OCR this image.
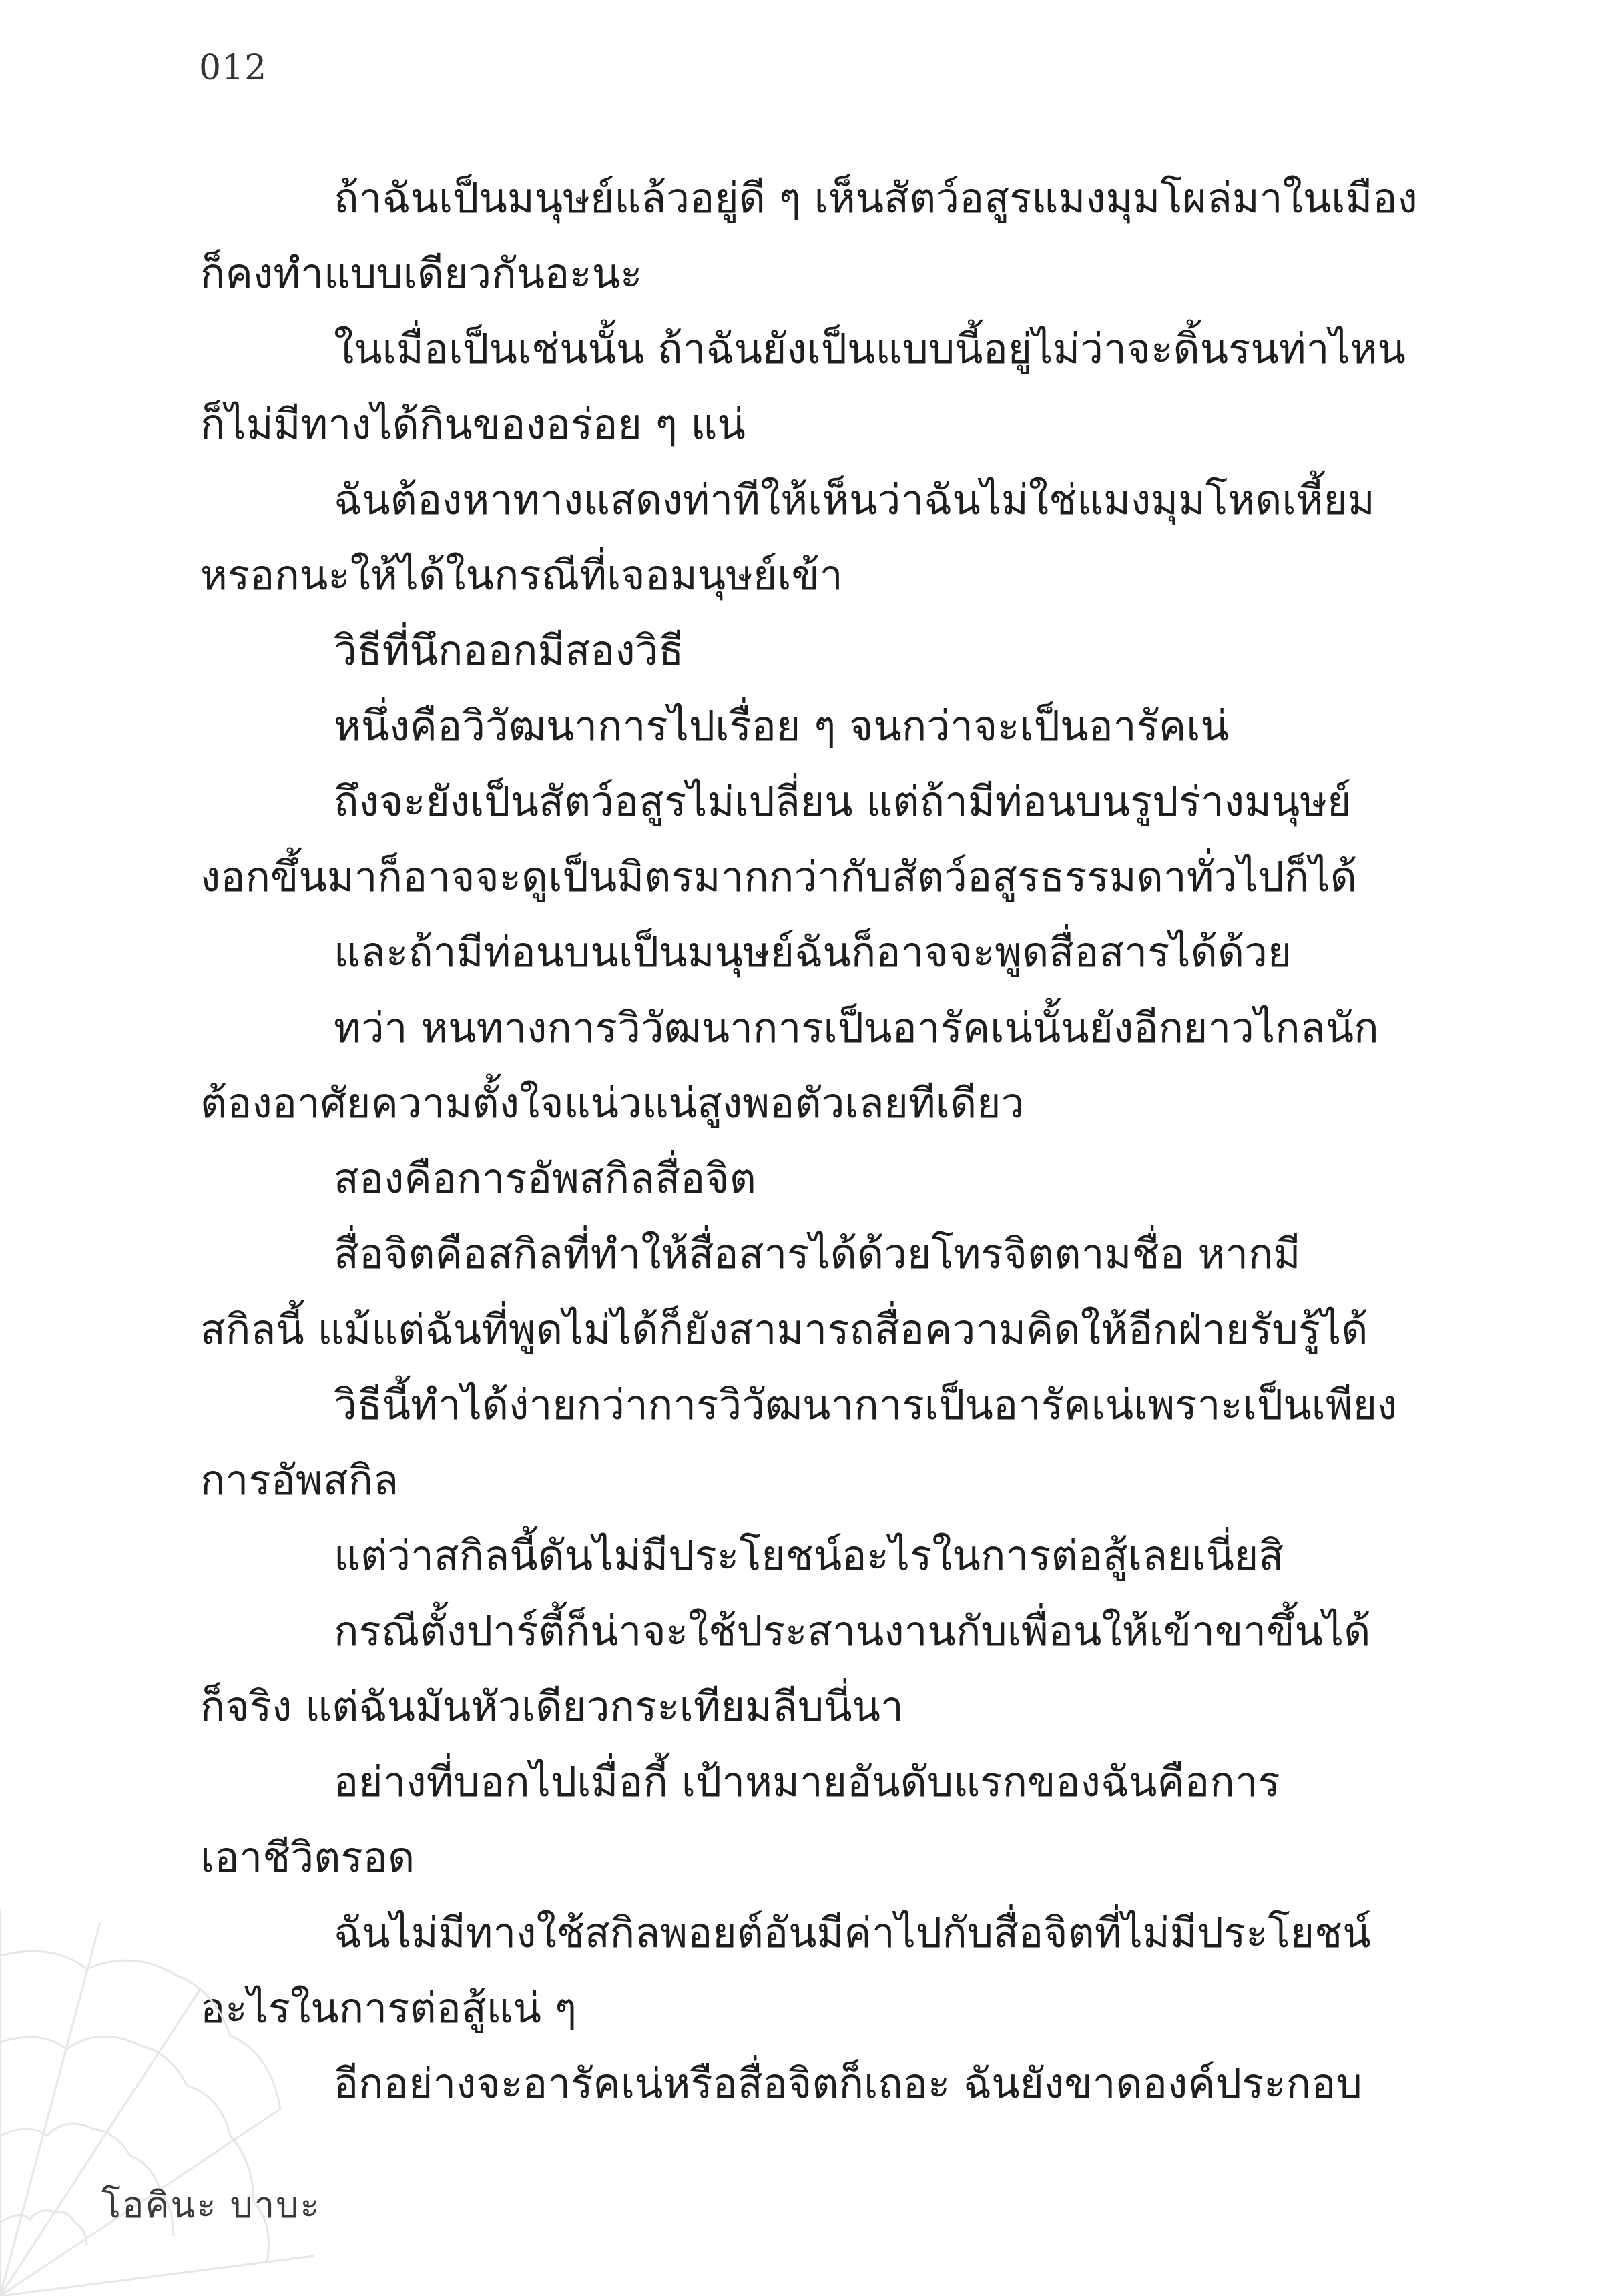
012
ถ้าฉันเป็นมนุษย์แล้วอยู่ดี ๆ เห็นสัตว์อสูรแมงมุมโผล่มาในเมือง
ก็คงทำแบบเดียวกันอะนะ
ในเมื่อเป็นเช่นนั้น ถ้าฉันยังเป็นแบบนี้อยู่ไม่ว่าจะดิ้นรนท่าไหน
ก็ไม่มีทางได้กินของอร่อย ๆ แน่
ฉันต้องหาทางแสดงท่าทีให้เห็นว่าฉันไม่ใช่แมงมุมโหดเหี้ยม
หรอกนะให้ได้ในกรณีที่เจอมนุษย์เข้า
วิธีที่นึกออกมีสองวิธี
หนึ่งคือวิวัฒนาการไปเรื่อย ๆ จนกว่าจะเป็นอารัคเน่
ถึงจะยังเป็นสัตว์อสูรไม่เปลี่ยน แต่ถ้ามีท่อนบนรูปร่างมนุษย์
งอกขึ้นมาก็อาจจะดูเป็นมิตรมากกว่ากับสัตว์อสูรธรรมดาทั่วไปก็ได้
และถ้ามีท่อนบนเป็นมนุษย์ฉันก็อาจจะพูดสื่อสารได้ด้วย
ทว่า หนทางการวิวัฒนาการเป็นอารัคเน่นั้นยังอีกยาวไกลนัก
ต้องอาศัยความตั้งใจแน่วแน่สูงพอตัวเลยทีเดียว
สองคือการอัพสกิลสื่อจิต
สื่อจิตคือสกิลที่ทำให้สื่อสารได้ด้วยโทรจิตตามชื่อ หากมี
สกิลนี้ แม้แต่ฉันที่พูดไม่ได้ก็ยังสามารถสื่อความคิดให้อีกฝ่ายรับรู้ได้
วิธีนี้ทำได้ง่ายกว่าการวิวัฒนาการเป็นอารัคเน่เพราะเป็นเพียง
การอัพสกิล
แต่ว่าสกิลนี้ดันไม่มีประโยชน์อะไรในการต่อสู้เลยเนี่ยสิ
กรณีตั้งปาร์ตี้ก็น่าจะใช้ประสานงานกับเพื่อนให้เข้าขาขึ้นได้
ก็จริง แต่ฉันมันหัวเดียวกระเทียมลีบนี่นา
อย่างที่บอกไปเมื่อกี้ เป้าหมายอันดับแรกของฉันคือการ
เอาชีวิตรอด
ฉันไม่มีทางใช้สกิลพอยต์อันมีค่าไปกับสื่อจิตที่ไม่มีประโยชน์
อะไรในการต่อสู้แน่ ๆ
อีกอย่างจะอารัคเน่หรือสื่อจิตก็เถอะ ฉันยังขาดองค์ประกอบ
โอคินะ บาบะ
